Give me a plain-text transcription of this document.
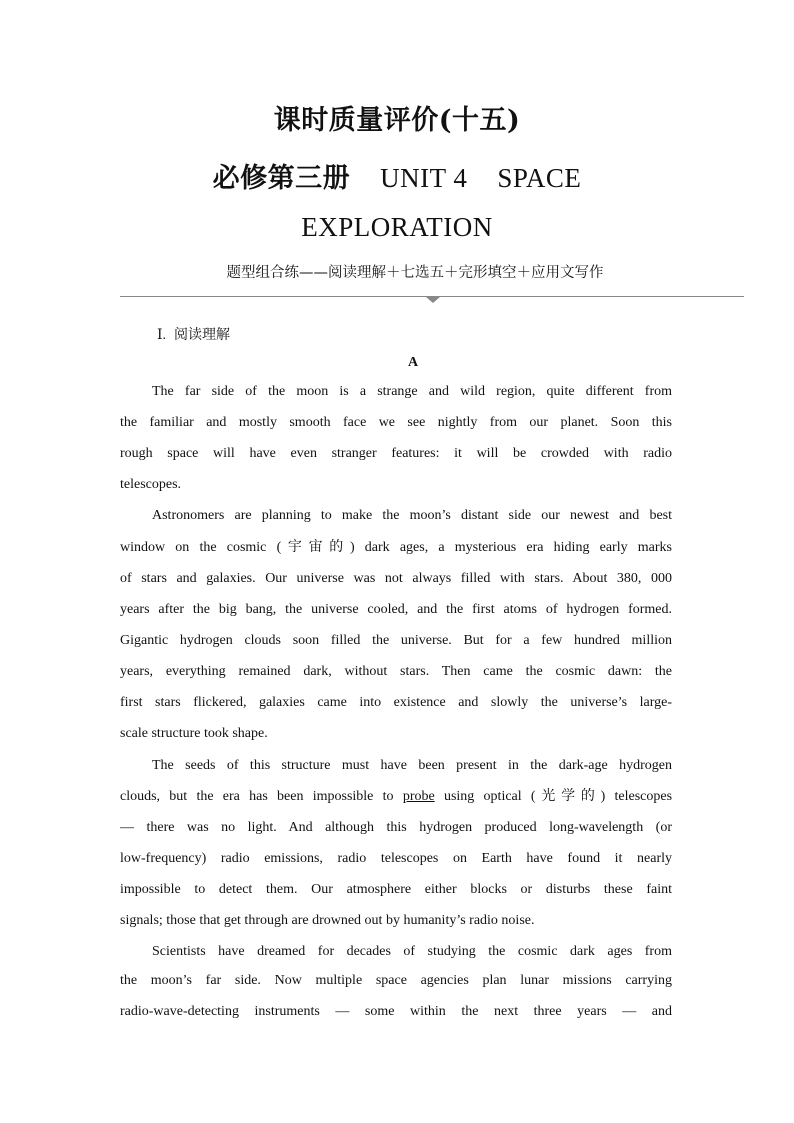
课时质量评价(十五)
必修第三册 UNIT 4 SPACE
EXPLORATION
题型组合练——阅读理解＋七选五＋完形填空＋应用文写作
Ⅰ. 阅读理解
A
The far side of the moon is a strange and wild region, quite different from
the familiar and mostly smooth face we see nightly from our planet. Soon this
rough space will have even stranger features: it will be crowded with radio
telescopes.
Astronomers are planning to make the moon’s distant side our newest and best
window on the cosmic (宇宙的) dark ages, a mysterious era hiding early marks
of stars and galaxies. Our universe was not always filled with stars. About 380, 000
years after the big bang, the universe cooled, and the first atoms of hydrogen formed.
Gigantic hydrogen clouds soon filled the universe. But for a few hundred million
years, everything remained dark, without stars. Then came the cosmic dawn: the
first stars flickered, galaxies came into existence and slowly the universe’s large-
scale structure took shape.
The seeds of this structure must have been present in the dark-age hydrogen
clouds, but the era has been impossible to probe using optical (光学的) telescopes
— there was no light. And although this hydrogen produced long-wavelength (or
low-frequency) radio emissions, radio telescopes on Earth have found it nearly
impossible to detect them. Our atmosphere either blocks or disturbs these faint
signals; those that get through are drowned out by humanity’s radio noise.
Scientists have dreamed for decades of studying the cosmic dark ages from
the moon’s far side. Now multiple space agencies plan lunar missions carrying
radio-wave-detecting instruments — some within the next three years — and
